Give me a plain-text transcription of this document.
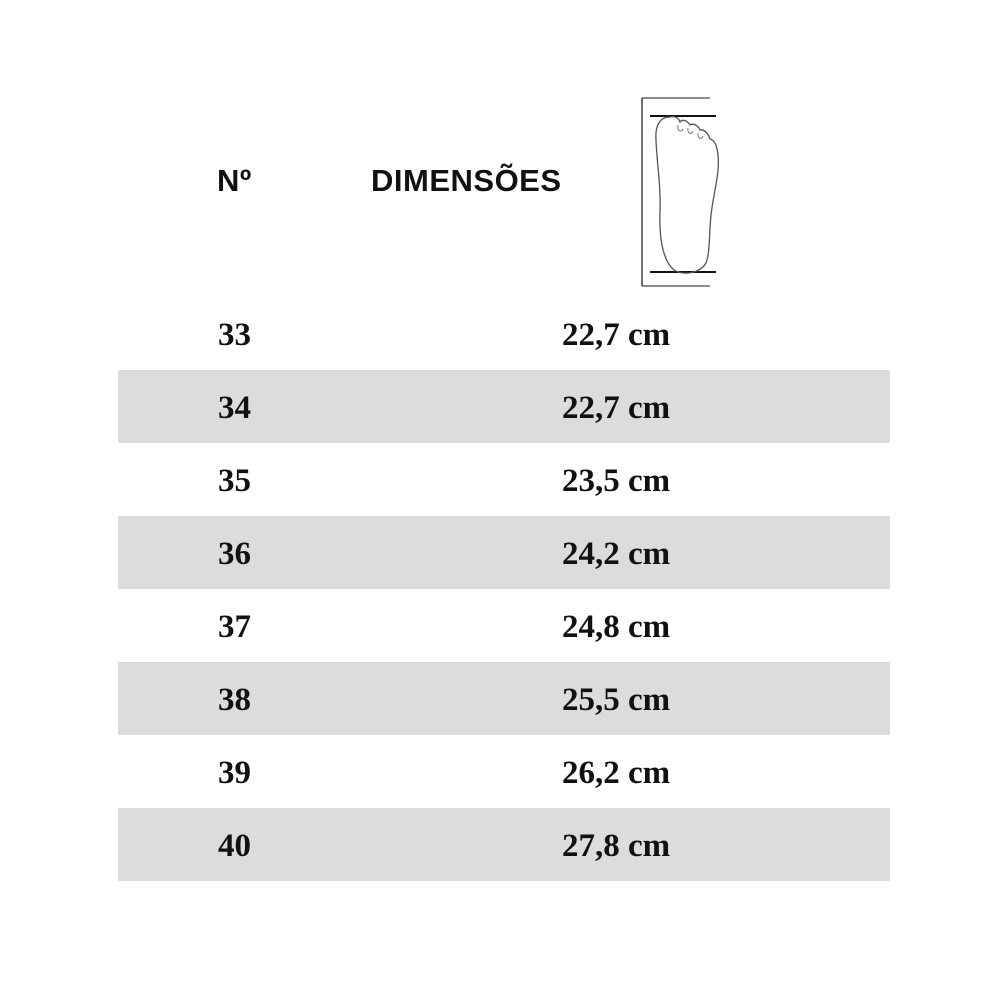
Nº	DIMENSÕES
33	22,7 cm
34	22,7 cm
35	23,5 cm
36	24,2 cm
37	24,8 cm
38	25,5 cm
39	26,2 cm
40	27,8 cm
